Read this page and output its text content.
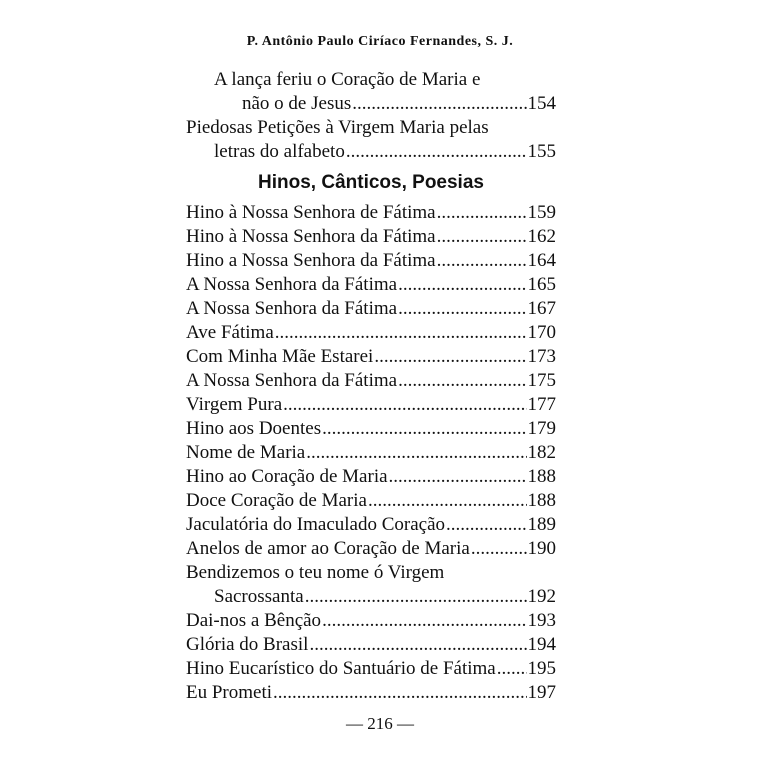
P. Antônio Paulo Ciríaco Fernandes, S. J.
A lança feriu o Coração de Maria e
não o de Jesus .....	154
Piedosas Petições à Virgem Maria pelas
letras do alfabeto .....	155
Hinos, Cânticos, Poesias
Hino à Nossa Senhora de Fátima .....	159
Hino à Nossa Senhora da Fátima .....	162
Hino a Nossa Senhora da Fátima .....	164
A Nossa Senhora da Fátima .....	165
A Nossa Senhora da Fátima .....	167
Ave Fátima .....	170
Com Minha Mãe Estarei .....	173
A Nossa Senhora da Fátima .....	175
Virgem Pura .....	177
Hino aos Doentes .....	179
Nome de Maria .....	182
Hino ao Coração de Maria .....	188
Doce Coração de Maria .....	188
Jaculatória do Imaculado Coração .....	189
Anelos de amor ao Coração de Maria .....	190
Bendizemos o teu nome ó Virgem
Sacrossanta .....	192
Dai-nos a Bênção .....	193
Glória do Brasil .....	194
Hino Eucarístico do Santuário de Fátima ..... 195
Eu Prometi .....	197
— 216 —
